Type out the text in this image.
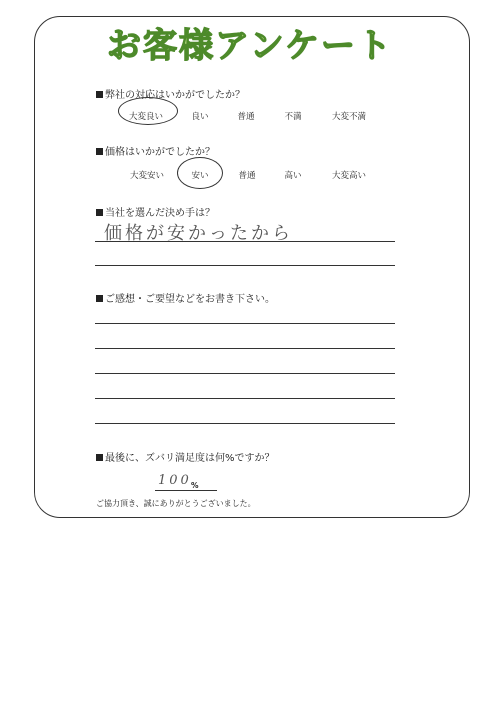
お客様アンケート
弊社の対応はいかがでしたか？
大変良い	良い	普通	不満	大変不満
価格はいかがでしたか？
大変安い	安い	普通	高い	大変高い
当社を選んだ決め手は？
価格が安かったから
ご感想・ご要望などをお書き下さい。
最後に、ズバリ満足度は何%ですか？
100 %
ご協力頂き、誠にありがとうございました。
